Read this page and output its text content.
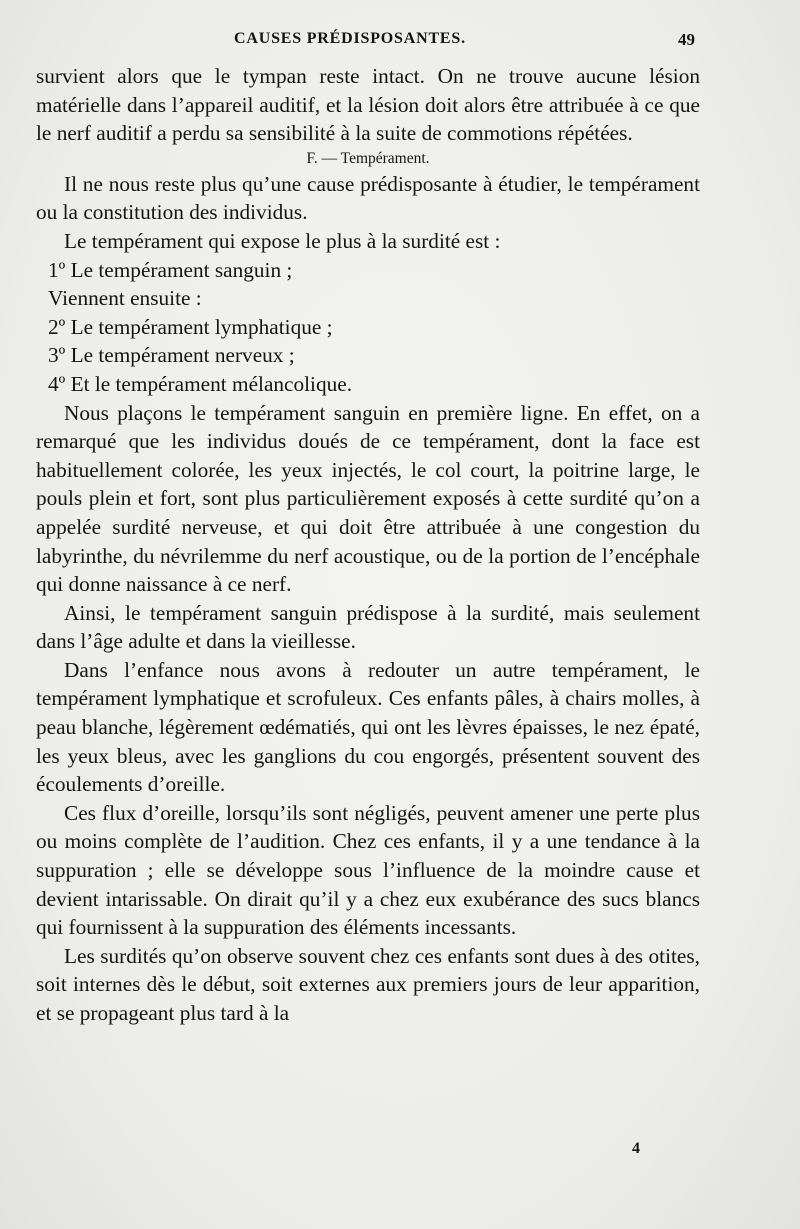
CAUSES PRÉDISPOSANTES.	49

survient alors que le tympan reste intact. On ne trouve aucune lésion matérielle dans l’appareil auditif, et la lésion doit alors être attribuée à ce que le nerf auditif a perdu sa sensibilité à la suite de commotions répétées.

F. — Tempérament.

Il ne nous reste plus qu’une cause prédisposante à étudier, le tempérament ou la constitution des individus.

Le tempérament qui expose le plus à la surdité est :

1º Le tempérament sanguin ;

Viennent ensuite :

2º Le tempérament lymphatique ;

3º Le tempérament nerveux ;

4º Et le tempérament mélancolique.

Nous plaçons le tempérament sanguin en première ligne. En effet, on a remarqué que les individus doués de ce tempérament, dont la face est habituellement colorée, les yeux injectés, le col court, la poitrine large, le pouls plein et fort, sont plus particulièrement exposés à cette surdité qu’on a appelée surdité nerveuse, et qui doit être attribuée à une congestion du labyrinthe, du névrilemme du nerf acoustique, ou de la portion de l’encéphale qui donne naissance à ce nerf.

Ainsi, le tempérament sanguin prédispose à la surdité, mais seulement dans l’âge adulte et dans la vieillesse.

Dans l’enfance nous avons à redouter un autre tempérament, le tempérament lymphatique et scrofuleux. Ces enfants pâles, à chairs molles, à peau blanche, légèrement œdématiés, qui ont les lèvres épaisses, le nez épaté, les yeux bleus, avec les ganglions du cou engorgés, présentent souvent des écoulements d’oreille.

Ces flux d’oreille, lorsqu’ils sont négligés, peuvent amener une perte plus ou moins complète de l’audition. Chez ces enfants, il y a une tendance à la suppuration ; elle se développe sous l’influence de la moindre cause et devient intarissable. On dirait qu’il y a chez eux exubérance des sucs blancs qui fournissent à la suppuration des éléments incessants.

Les surdités qu’on observe souvent chez ces enfants sont dues à des otites, soit internes dès le début, soit externes aux premiers jours de leur apparition, et se propageant plus tard à la

4
